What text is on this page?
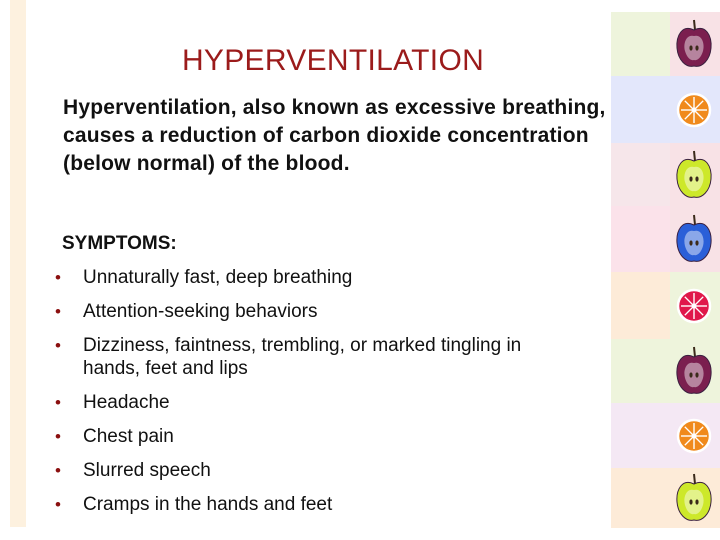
HYPERVENTILATION
Hyperventilation, also known as excessive breathing, causes a reduction of carbon dioxide concentration (below normal) of the blood.
SYMPTOMS:
• Unnaturally fast, deep breathing
• Attention-seeking behaviors
• Dizziness, faintness, trembling, or marked tingling in hands, feet and lips
• Headache
• Chest pain
• Slurred speech
• Cramps in the hands and feet
